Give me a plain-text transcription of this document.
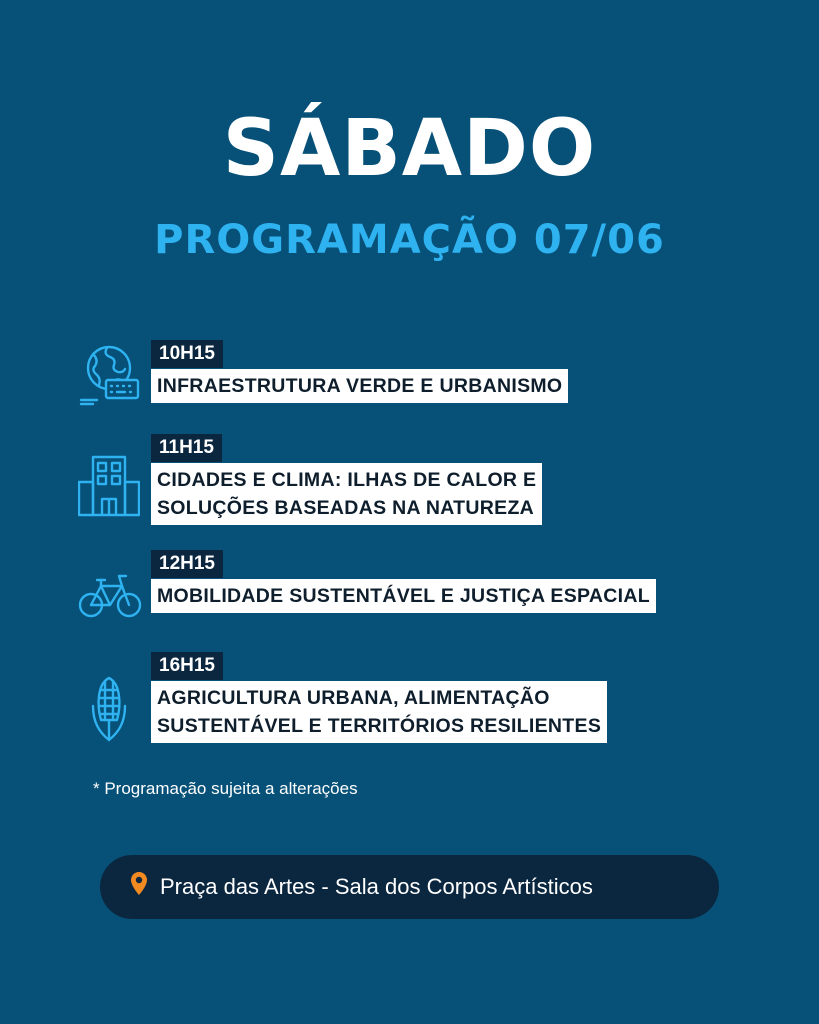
SÁBADO
PROGRAMAÇÃO 07/06
10H15
INFRAESTRUTURA VERDE E URBANISMO
11H15
CIDADES E CLIMA: ILHAS DE CALOR E
SOLUÇÕES BASEADAS NA NATUREZA
12H15
MOBILIDADE SUSTENTÁVEL E JUSTIÇA ESPACIAL
16H15
AGRICULTURA URBANA, ALIMENTAÇÃO
SUSTENTÁVEL E TERRITÓRIOS RESILIENTES
* Programação sujeita a alterações
Praça das Artes - Sala dos Corpos Artísticos
